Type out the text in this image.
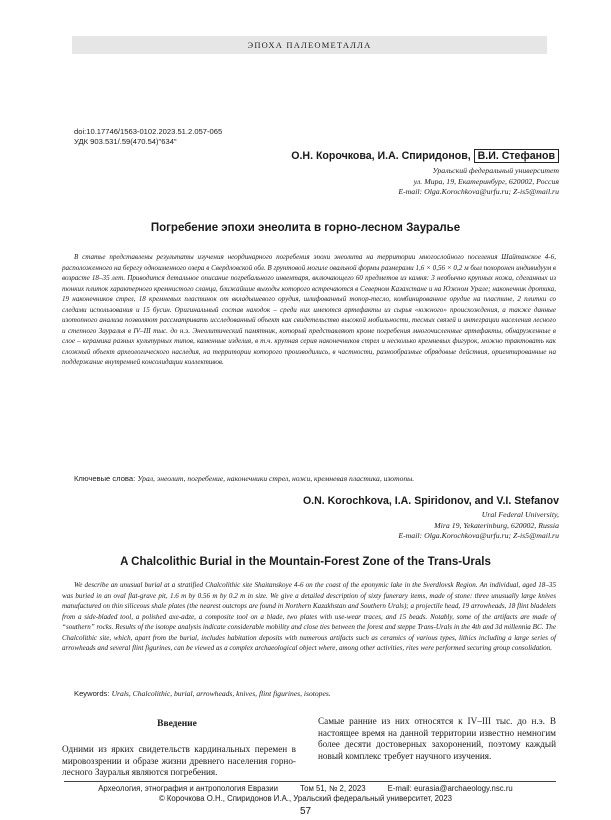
ЭПОХА ПАЛЕОМЕТАЛЛА
doi:10.17746/1563-0102.2023.51.2.057-065
УДК 903.531/.59(470.54)"634"
О.Н. Корочкова, И.А. Спиридонов, В.И. Стефанов
Уральский федеральный университет
ул. Мира, 19, Екатеринбург, 620002, Россия
E-mail: Olga.Korochkova@urfu.ru; Z-is5@mail.ru
Погребение эпохи энеолита в горно-лесном Зауралье

В статье представлены результаты изучения неординарного погребения эпохи энеолита на территории многослойного поселения Шайтанское 4-6, расположенного на берегу одноименного озера в Свердловской обл. В грунтовой могиле овальной формы размерами 1,6 × 0,56 × 0,2 м был похоронен индивидуум в возрасте 18–35 лет. Приводится детальное описание погребального инвентаря, включающего 60 предметов из камня: 3 необычно крупных ножа, сделанных из тонких плиток характерного кремнистого сланца, ближайшие выходы которого встречаются в Северном Казахстане и на Южном Урале; наконечник дротика, 19 наконечников стрел, 18 кремневых пластинок от вкладышевого орудия, шлифованный топор-тесло, комбинированное орудие на пластине, 2 плитки со следами использования и 15 бусин. Оригинальный состав находок – среди них имеются артефакты из сырья «южного» происхождения, а также данные изотопного анализа позволяют рассматривать исследованный объект как свидетельство высокой мобильности, тесных связей и интеграции населения лесного и степного Зауралья в IV–III тыс. до н.э. Энеолитический памятник, который представляют кроме погребения многочисленные артефакты, обнаруженные в слое – керамика разных культурных типов, каменные изделия, в т.ч. крупная серия наконечников стрел и несколько кремневых фигурок, можно трактовать как сложный объект археологического наследия, на территории которого производились, в частности, разнообразные обрядовые действия, ориентированные на поддержание внутренней консолидации коллективов.

Ключевые слова: Урал, энеолит, погребение, наконечники стрел, ножи, кремневая пластика, изотопы.
O.N. Korochkova, I.A. Spiridonov, and V.I. Stefanov
Ural Federal University,
Mira 19, Yekaterinburg, 620002, Russia
E-mail: Olga.Korochkova@urfu.ru; Z-is5@mail.ru
A Chalcolithic Burial in the Mountain-Forest Zone of the Trans-Urals

We describe an unusual burial at a stratified Chalcolithic site Shaitanskoye 4-6 on the coast of the eponymic lake in the Sverdlovsk Region. An individual, aged 18–35 was buried in an oval flat-grave pit, 1.6 m by 0.56 m by 0.2 m in size. We give a detailed description of sixty funerary items, made of stone: three unusually large knives manufactured on thin siliceous shale plates (the nearest outcrops are found in Northern Kazakhstan and Southern Urals); a projectile head, 19 arrowheads, 18 flint bladelets from a side-bladed tool, a polished axe-adze, a composite tool on a blade, two plates with use-wear traces, and 15 beads. Notably, some of the artifacts are made of “southern” rocks. Results of the isotope analysis indicate considerable mobility and close ties between the forest and steppe Trans-Urals in the 4th and 3d millennia BC. The Chalcolithic site, which, apart from the burial, includes habitation deposits with numerous artifacts such as ceramics of various types, lithics including a large series of arrowheads and several flint figurines, can be viewed as a complex archaeological object where, among other activities, rites were performed securing group consolidation.

Keywords: Urals, Chalcolithic, burial, arrowheads, knives, flint figurines, isotopes.
Введение

Одними из ярких свидетельств кардинальных перемен в мировоззрении и образе жизни древнего населения горно-лесного Зауралья являются погребения.

Самые ранние из них относятся к IV–III тыс. до н.э. В настоящее время на данной территории известно немногим более десяти достоверных захоронений, поэтому каждый новый комплекс требует научного изучения.

Археология, этнография и антропология Евразии	Том 51, № 2, 2023	E-mail: eurasia@archaeology.nsc.ru
© Корочкова О.Н., Спиридонов И.А., Уральский федеральный университет, 2023
57
